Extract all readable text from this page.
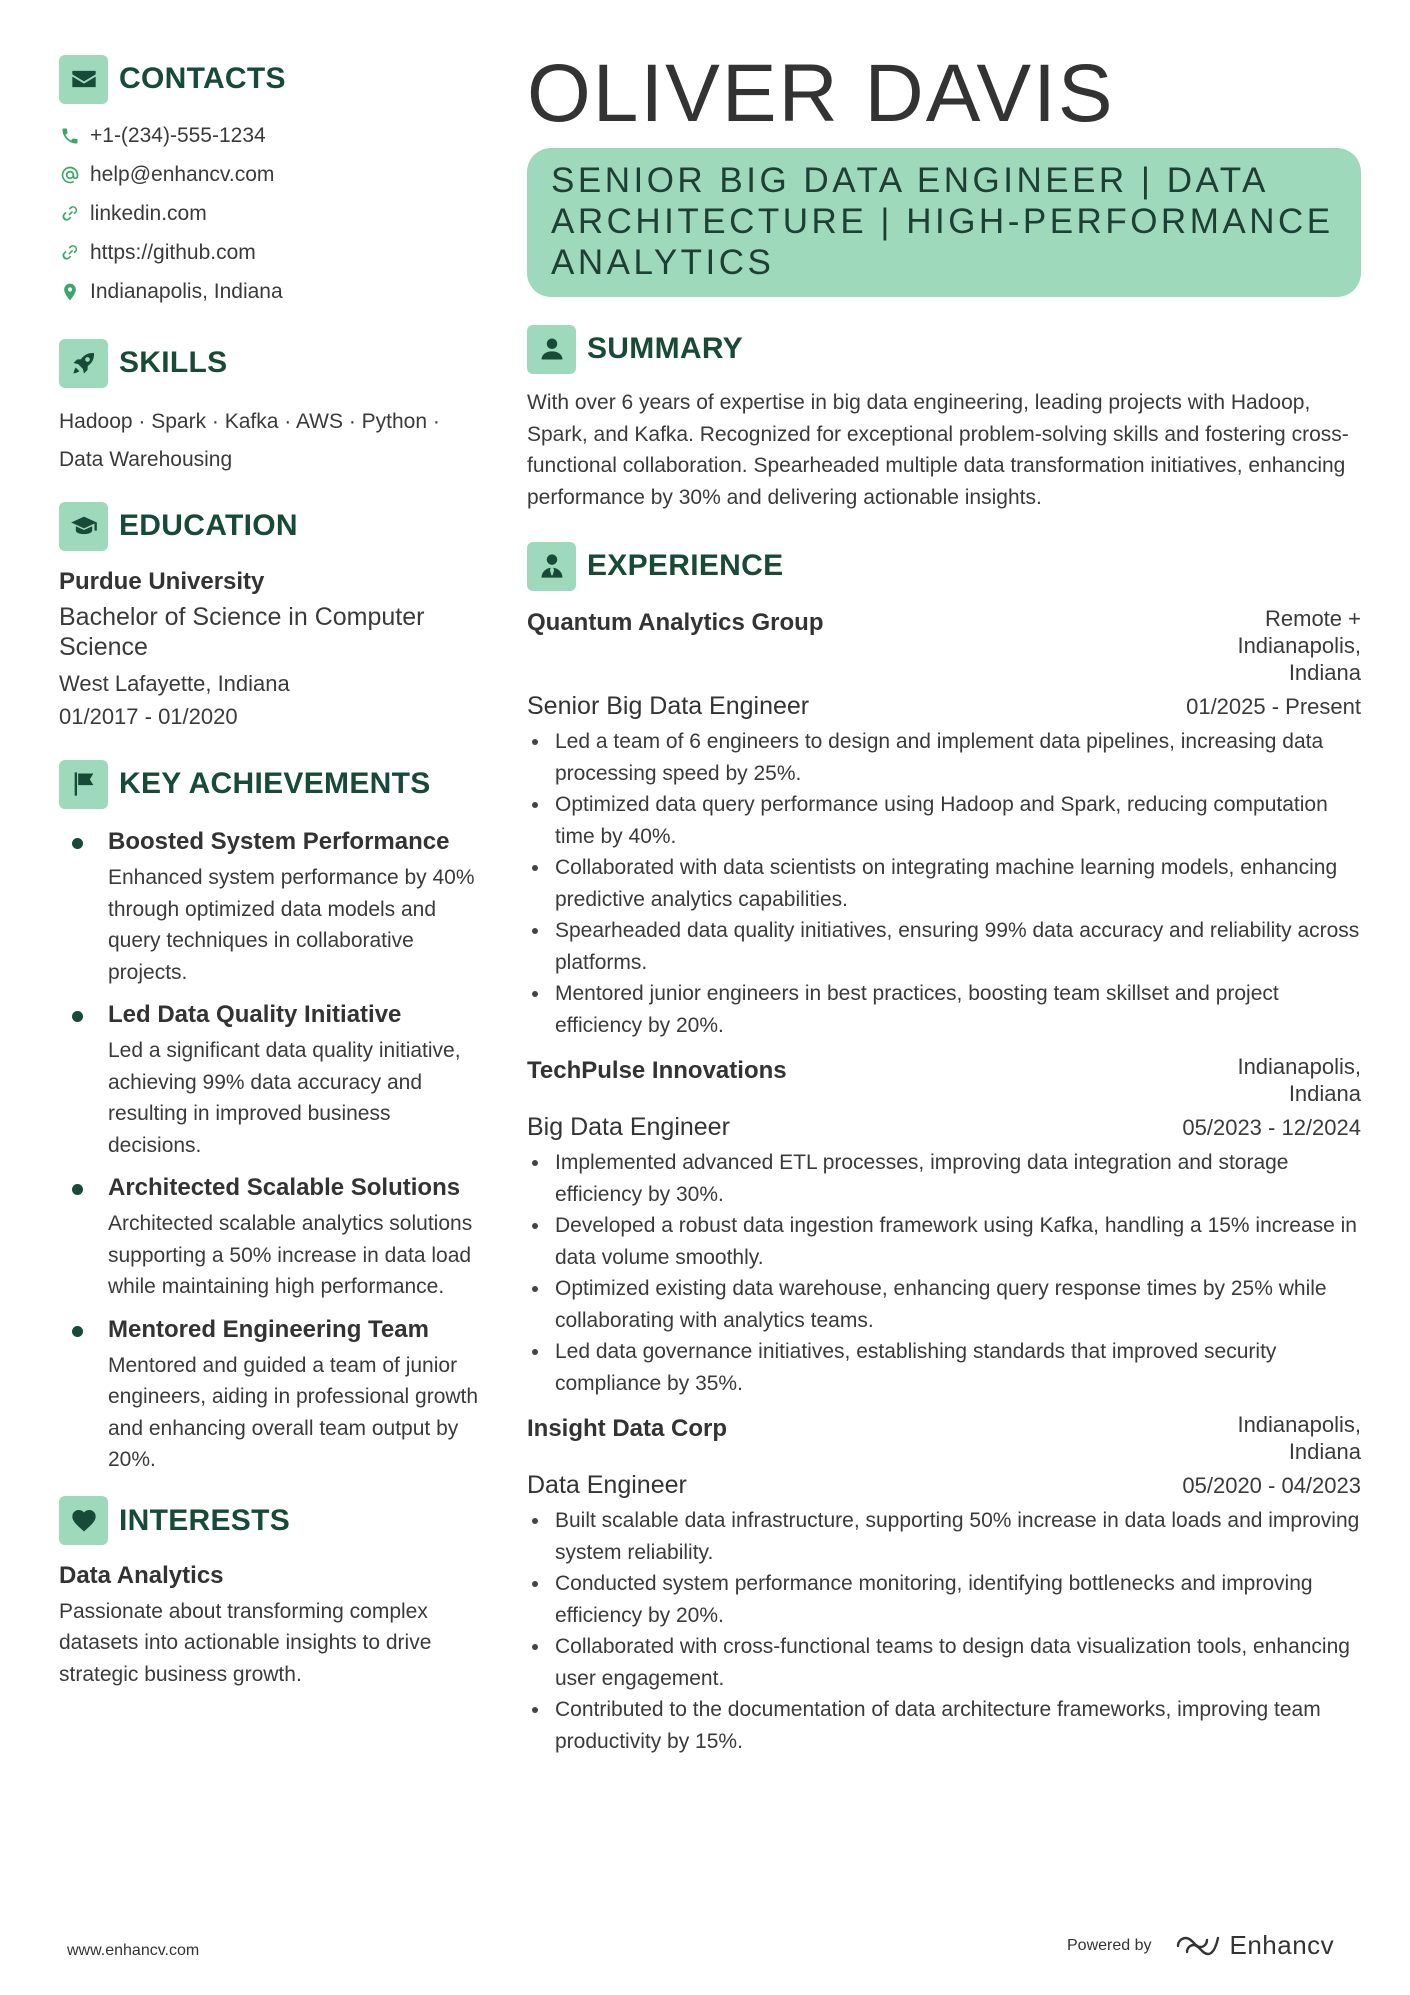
CONTACTS
+1-(234)-555-1234
help@enhancv.com
linkedin.com
https://github.com
Indianapolis, Indiana
SKILLS
Hadoop · Spark · Kafka · AWS · Python · Data Warehousing
EDUCATION
Purdue University
Bachelor of Science in Computer Science
West Lafayette, Indiana
01/2017 - 01/2020
KEY ACHIEVEMENTS
Boosted System Performance
Enhanced system performance by 40% through optimized data models and query techniques in collaborative projects.
Led Data Quality Initiative
Led a significant data quality initiative, achieving 99% data accuracy and resulting in improved business decisions.
Architected Scalable Solutions
Architected scalable analytics solutions supporting a 50% increase in data load while maintaining high performance.
Mentored Engineering Team
Mentored and guided a team of junior engineers, aiding in professional growth and enhancing overall team output by 20%.
INTERESTS
Data Analytics
Passionate about transforming complex datasets into actionable insights to drive strategic business growth.
OLIVER DAVIS
SENIOR BIG DATA ENGINEER | DATA ARCHITECTURE | HIGH-PERFORMANCE ANALYTICS
SUMMARY
With over 6 years of expertise in big data engineering, leading projects with Hadoop, Spark, and Kafka. Recognized for exceptional problem-solving skills and fostering cross-functional collaboration. Spearheaded multiple data transformation initiatives, enhancing performance by 30% and delivering actionable insights.
EXPERIENCE
Quantum Analytics Group	Remote + Indianapolis, Indiana
Senior Big Data Engineer	01/2025 - Present
Led a team of 6 engineers to design and implement data pipelines, increasing data processing speed by 25%.
Optimized data query performance using Hadoop and Spark, reducing computation time by 40%.
Collaborated with data scientists on integrating machine learning models, enhancing predictive analytics capabilities.
Spearheaded data quality initiatives, ensuring 99% data accuracy and reliability across platforms.
Mentored junior engineers in best practices, boosting team skillset and project efficiency by 20%.
TechPulse Innovations	Indianapolis, Indiana
Big Data Engineer	05/2023 - 12/2024
Implemented advanced ETL processes, improving data integration and storage efficiency by 30%.
Developed a robust data ingestion framework using Kafka, handling a 15% increase in data volume smoothly.
Optimized existing data warehouse, enhancing query response times by 25% while collaborating with analytics teams.
Led data governance initiatives, establishing standards that improved security compliance by 35%.
Insight Data Corp	Indianapolis, Indiana
Data Engineer	05/2020 - 04/2023
Built scalable data infrastructure, supporting 50% increase in data loads and improving system reliability.
Conducted system performance monitoring, identifying bottlenecks and improving efficiency by 20%.
Collaborated with cross-functional teams to design data visualization tools, enhancing user engagement.
Contributed to the documentation of data architecture frameworks, improving team productivity by 15%.
www.enhancv.com	Powered by	Enhancv
